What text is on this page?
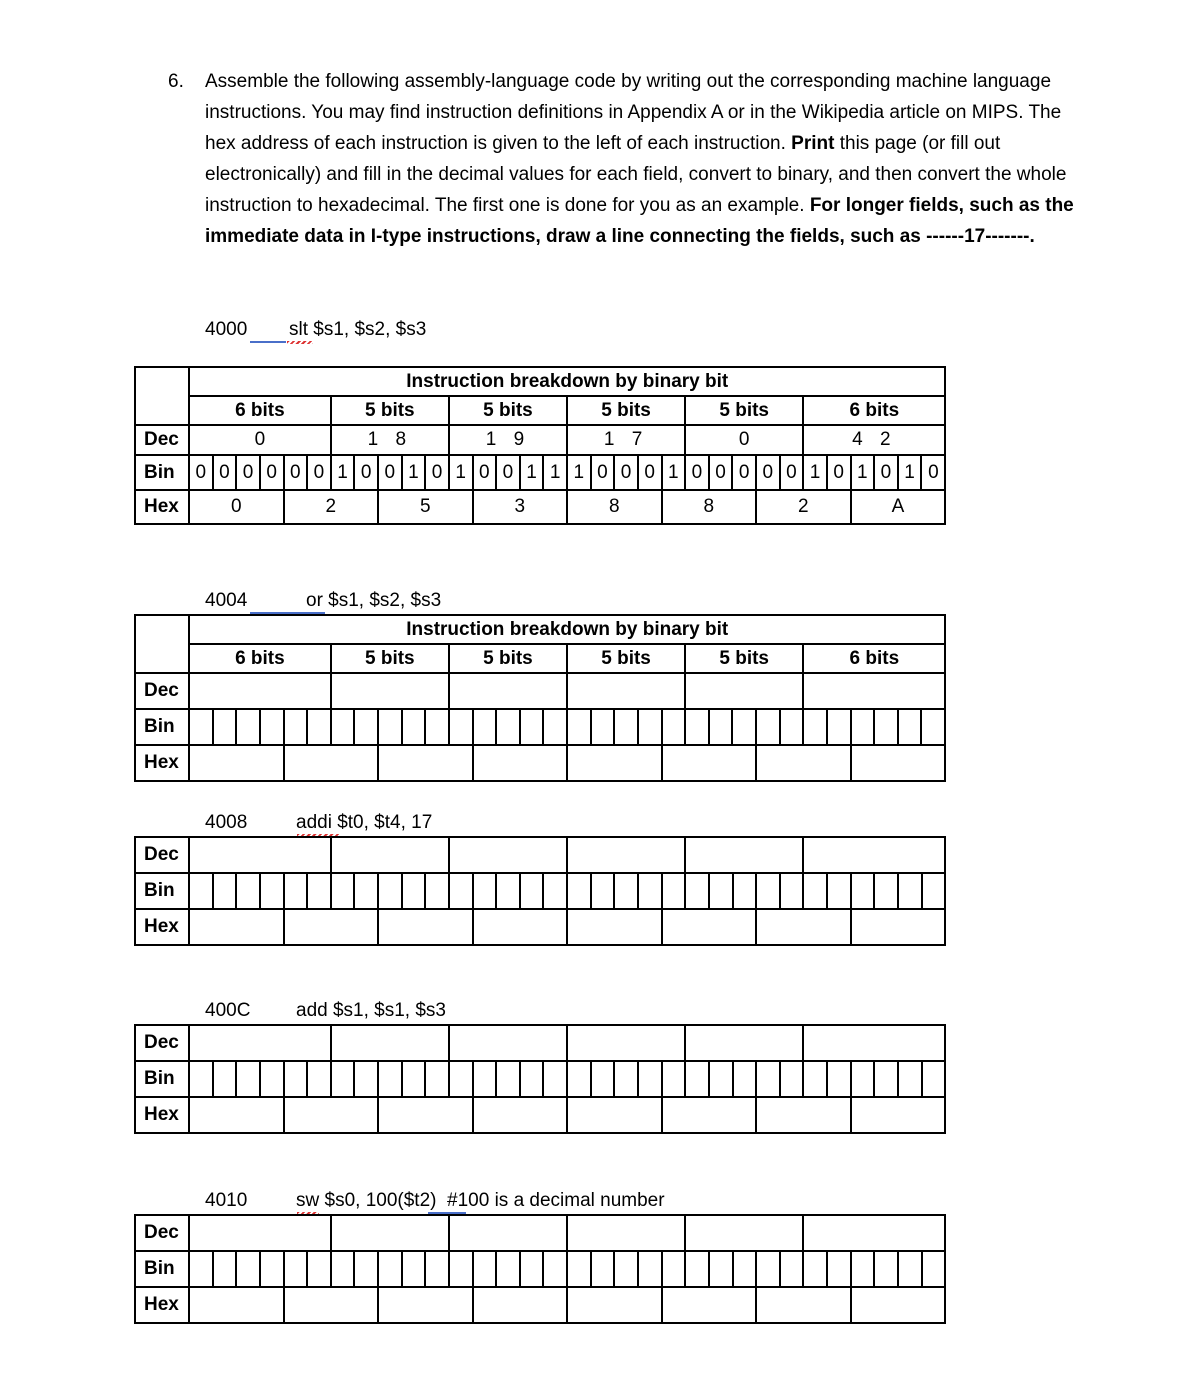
6. Assemble the following assembly-language code by writing out the corresponding machine language instructions. You may find instruction definitions in Appendix A or in the Wikipedia article on MIPS. The hex address of each instruction is given to the left of each instruction. Print this page (or fill out electronically) and fill in the decimal values for each field, convert to binary, and then convert the whole instruction to hexadecimal. The first one is done for you as an example. For longer fields, such as the immediate data in I-type instructions, draw a line connecting the fields, such as ------17-------.
4000 slt $s1, $s2, $s3
	Instruction breakdown by binary bit																															
	6 bits						5 bits					5 bits					5 bits					5 bits					6 bits					
Dec	0						1 8					1 9					1 7					0					4 2					
Bin	0	0	0	0	0	0	1	0	0	1	0	1	0	0	1	1	1	0	0	0	1	0	0	0	0	0	1	0	1	0	1	0
Hex	0				2				5				3				8				8				2				A			
4004	or $s1, $s2, $s3
	Instruction breakdown by binary bit																															
	6 bits						5 bits					5 bits					5 bits					5 bits					6 bits					
Dec																																
Bin																																
Hex																																
4008	addi $t0, $t4, 17
Dec																																
Bin																																
Hex																																
400C add $s1, $s1, $s3
Dec																																
Bin																																
Hex																																
4010	sw $s0, 100($t2)  #100 is a decimal number
Dec																																
Bin																																
Hex																																
